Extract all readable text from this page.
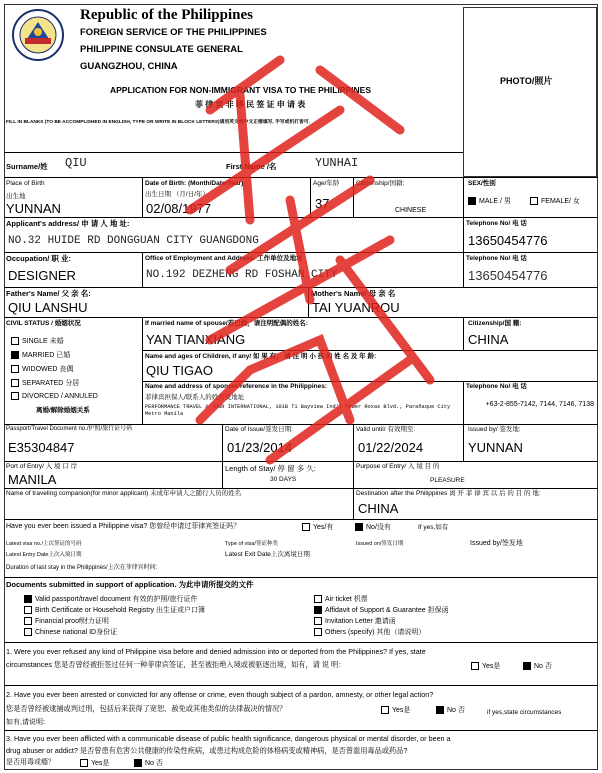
Republic of the Philippines
FOREIGN SERVICE OF THE PHILIPPINES
PHILIPPINE CONSULATE GENERAL
GUANGZHOU, CHINA
APPLICATION FOR NON-IMMIGRANT VISA TO THE PHILIPPINES
菲 律 宾 非 移 民 签 证 申 请 表
FILL IN BLANKS (TO BE ACCOMPLISHED IN ENGLISH, TYPE OR WRITE IN BLOCK LETTERS)请用英文或中文正楷填写, 手写或机打皆可.
PHOTO/照片
Surname/姓 QIU	First Name /名	YUNHAI
Place of Birth
出生地
YUNNAN
Date of Birth: (Month/Date/Year)
出生日期 （月/日/年）
02/08/1977
Age/年龄
37
Citizenship/国籍:
CHINESE
SEX/性别
MALE / 男	FEMALE/ 女
Applicant's address/ 申 请 人 地 址:
NO.32 HUIDE RD DONGGUAN CITY GUANGDONG
Telephone No/ 电 话
13650454776
Occupation/ 职 业:
DESIGNER
Office of Employment and Address: 工作单位及地址
NO.192 DEZHENG RD FOSHAN CITY
Telephone No/ 电 话
13650454776
Father's Name/ 父 亲 名:
QIU LANSHU
Mother's Name/ 母 亲 名
TAI YUANROU
CIVIL STATUS / 婚姻状况
SINGLE 未婚
MARRIED 已婚
WIDOWED 丧偶
SEPARATED 分居
DIVORCED / ANNULED
离婚/解除婚姻关系
If married name of spouse/若已婚，请注明配偶的姓名:
YAN TIANXIANG
Citizenship/国 籍:
CHINA
Name and ages of Children, if any/ 如 果 有， 请 注 明 小 孩 的 姓 名 及 年 龄:
QIU TIGAO
Name and address of sponsor/reference in the Philippines:
菲律宾担保人/联系人的姓名及地址
PERFORMANCE TRAVEL & TOUR INTERNATIONAL, 101B T1 Bayview Ind'l Tower Roxas Blvd., Parañaque City Metro Manila
Telephone No/ 电 话
+63-2-855-7142, 7144, 7146, 7138
Passport/Travel Document no./护照/旅行证号码
E35304847
Date of Issue/签发日期:
01/23/2014
Valid until/ 有效期至:
01/22/2024
Issued by/ 签发地:
YUNNAN
Port of Entry/ 入 境 口 岸
MANILA
Length of Stay/ 停 留 多 久:
30 DAYS
Purpose of Entry/ 入 境 目 的
PLEASURE
Name of traveling companion(for minor applicant) 未成年申请人之随行人员的姓名	Destination after the Philippines 离 开 菲 律 宾 以 后 的 目 的 地:
CHINA
Have you ever been issued a Philippine visa? 您曾经申请过菲律宾签证吗？	Yes/有	No/没有	If yes,如有
Latest visa no./上次签证的号码	Type of visa/签证种类	Issued on/签发日期	Issued by/签发地
Latest Entry Date上次入境日期	Latest Exit Date上次离境日期
Duration of last stay in the Philippines/上次在菲律宾时间:
Documents submitted in support of application. 为此申请所提交的文件
Valid passport/travel document 有效的护照/旅行证件
Birth Certificate or Household Registry 出生证或户口簿
Financial proof财力证明
Chinese national ID身份证
Air ticket 机票
Affidavit of Support & Guarantee 担保函
Invitation Letter 邀请函
Others (specify) 其他（请说明）
1. Were you ever refused any kind of Philippine visa before and denied admission into or deported from the Philippines? If yes, state
circumstances 您是否曾经被拒签过任何一种菲律宾签证，甚至被拒绝入境或被驱逐出境，如有，请 说 明：	Yes是	No 否
2. Have you ever been arrested or convicted for any offense or crime, even though subject of a pardon, amnesty, or other legal action?
您是否曾经被逮捕或判过刑，包括后来获得了宽恕、赦免或其他类似的法律裁决的情况？	Yes是	No 否	if yes,state circumstances
如有,请说明:
3. Have you ever been afflicted with a communicable disease of public health significance, dangerous physical or mental disorder, or been a
drug abuser or addict? 是否曾患有危害公共健康的传染性疾病，或患过构成危险的体格病变或精神病，是否曾滥用毒品或药品?
是否用毒或瘾？	Yes是	No 否
